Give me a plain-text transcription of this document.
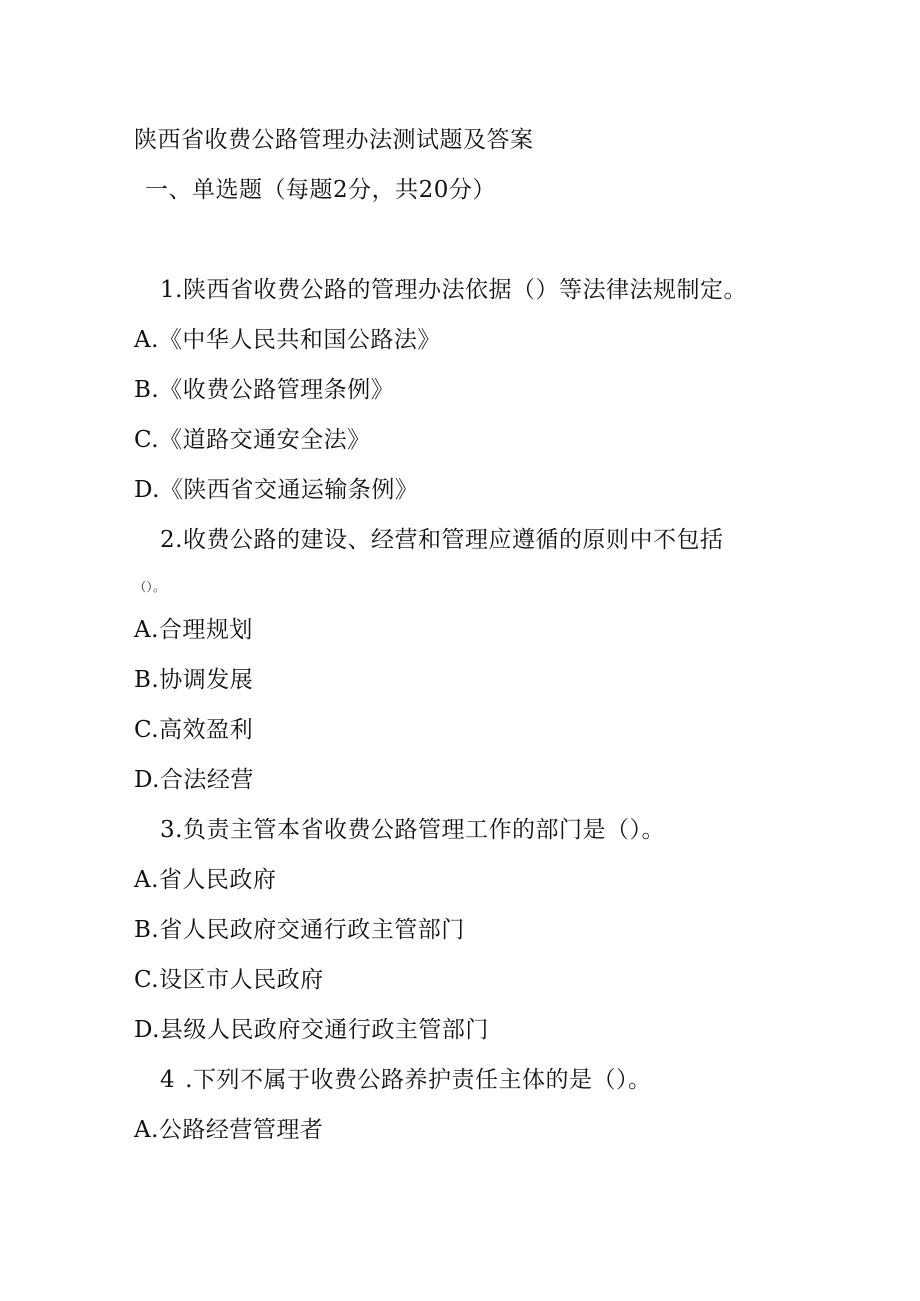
陕西省收费公路管理办法测试题及答案
一、单选题（每题2分，共20分）
1.陕西省收费公路的管理办法依据（）等法律法规制定。
A.《中华人民共和国公路法》
B.《收费公路管理条例》
C.《道路交通安全法》
D.《陕西省交通运输条例》
2.收费公路的建设、经营和管理应遵循的原则中不包括
（）。
A.合理规划
B.协调发展
C.高效盈利
D.合法经营
3.负责主管本省收费公路管理工作的部门是（）。
A.省人民政府
B.省人民政府交通行政主管部门
C.设区市人民政府
D.县级人民政府交通行政主管部门
4 .下列不属于收费公路养护责任主体的是（）。
A.公路经营管理者
